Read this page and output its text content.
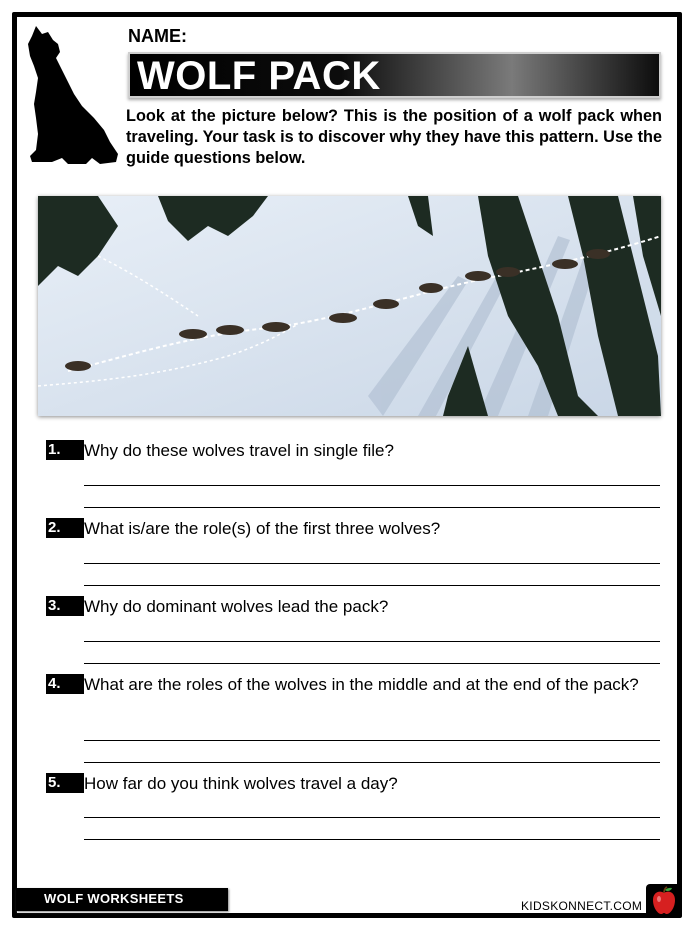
NAME:
WOLF PACK
Look at the picture below? This is the position of a wolf pack when traveling. Your task is to discover why they have this pattern. Use the guide questions below.
1.	Why do these wolves travel in single file?
2.	What is/are the role(s) of the first three wolves?
3.	Why do dominant wolves lead the pack?
4.	What are the roles of the wolves in the middle and at the end of the pack?
5.	How far do you think wolves travel a day?
WOLF WORKSHEETS	KIDSKONNECT.COM
